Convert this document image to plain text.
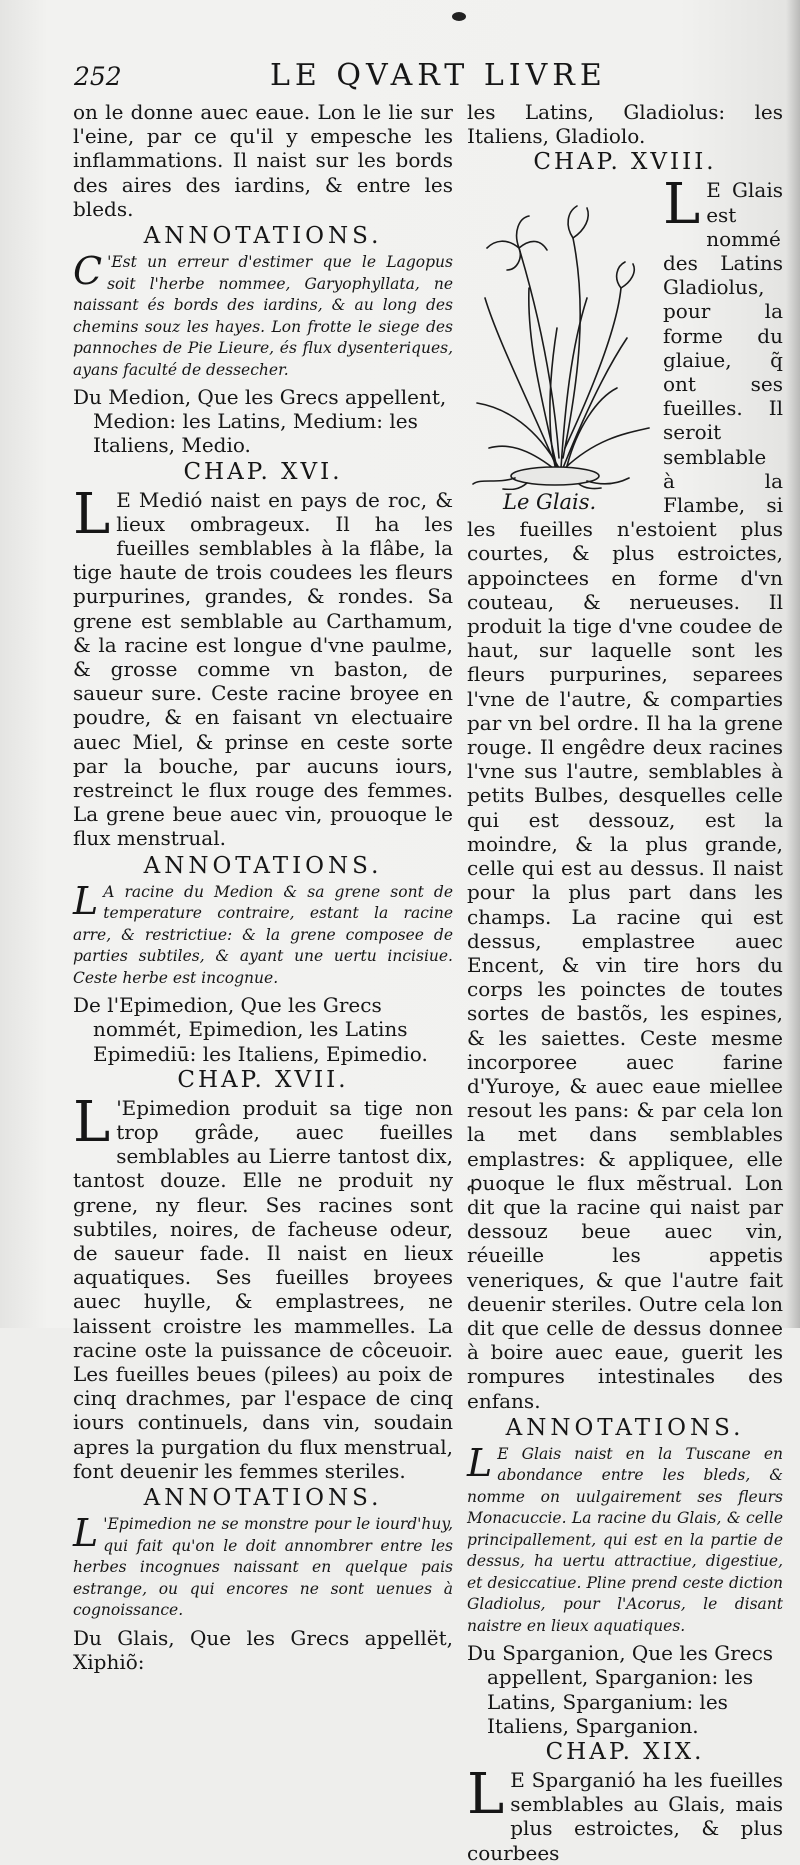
252	LE QVART LIVRE

on le donne auec eaue. Lon le lie sur l'eine, par ce qu'il y empesche les inflammations. Il naist sur les bords des aires des iardins, & entre les bleds.

ANNOTATIONS.
C 'Est un erreur d'estimer que le Lagopus soit l'herbe nommee, Garyophyllata, ne naissant és bords des iardins, & au long des chemins souz les hayes. Lon frotte le siege des pannoches de Pie Lieure, és flux dysenteriques, ayans faculté de dessecher.

Du Medion, Que les Grecs appellent, Medion: les Latins, Medium: les Italiens, Medio.

CHAP. XVI.
L E Medió naist en pays de roc, & lieux ombrageux. Il ha les fueilles semblables à la flâbe, la tige haute de trois coudees les fleurs purpurines, grandes, & rondes. Sa grene est semblable au Carthamum, & la racine est longue d'vne paulme, & grosse comme vn baston, de saueur sure. Ceste racine broyee en poudre, & en faisant vn electuaire auec Miel, & prinse en ceste sorte par la bouche, par aucuns iours, restreinct le flux rouge des femmes. La grene beue auec vin, prouoque le flux menstrual.
ANNOTATIONS.
L A racine du Medion & sa grene sont de temperature contraire, estant la racine arre, & restrictiue: & la grene composee de parties subtiles, & ayant une uertu incisiue. Ceste herbe est incognue.

De l'Epimedion, Que les Grecs nommét, Epimedion, les Latins Epimediū: les Italiens, Epimedio.

CHAP. XVII.
L 'Epimedion produit sa tige non trop grâde, auec fueilles semblables au Lierre tantost dix, tantost douze. Elle ne produit ny grene, ny fleur. Ses racines sont subtiles, noires, de facheuse odeur, de saueur fade. Il naist en lieux aquatiques. Ses fueilles broyees auec huylle, & emplastrees, ne laissent croistre les mammelles. La racine oste la puissance de côceuoir. Les fueilles beues (pilees) au poix de cinq drachmes, par l'espace de cinq iours continuels, dans vin, soudain apres la purgation du flux menstrual, font deuenir les femmes steriles.
ANNOTATIONS.
L 'Epimedion ne se monstre pour le iourd'huy, qui fait qu'on le doit annombrer entre les herbes incognues naissant en quelque pais estrange, ou qui encores ne sont uenues à cognoissance.

Du Glais, Que les Grecs appellët, Xiphiõ:

les Latins, Gladiolus: les Italiens, Gladiolo.

CHAP. XVIII.
Le Glais.
L E Glais est nommé des Latins Gladiolus, pour la forme du glaiue, q̃ ont ses fueilles. Il seroit semblable à la Flambe, si les fueilles n'estoient plus courtes, & plus estroictes, appoinctees en forme d'vn couteau, & nerueuses. Il produit la tige d'vne coudee de haut, sur laquelle sont les fleurs purpurines, separees l'vne de l'autre, & comparties par vn bel ordre. Il ha la grene rouge. Il engêdre deux racines l'vne sus l'autre, semblables à petits Bulbes, desquelles celle qui est dessouz, est la moindre, & la plus grande, celle qui est au dessus. Il naist pour la plus part dans les champs. La racine qui est dessus, emplastree auec Encent, & vin tire hors du corps les poinctes de toutes sortes de bastõs, les espines, & les saiettes. Ceste mesme incorporee auec farine d'Yuroye, & auec eaue miellee resout les pans: & par cela lon la met dans semblables emplastres: & appliquee, elle ꝓuoque le flux mẽstrual. Lon dit que la racine qui naist par dessouz beue auec vin, réueille les appetis veneriques, & que l'autre fait deuenir steriles. Outre cela lon dit que celle de dessus donnee à boire auec eaue, guerit les rompures intestinales des enfans.
ANNOTATIONS.
L E Glais naist en la Tuscane en abondance entre les bleds, & nomme on uulgairement ses fleurs Monacuccie. La racine du Glais, & celle principallement, qui est en la partie de dessus, ha uertu attractiue, digestiue, et desiccatiue. Pline prend ceste diction Gladiolus, pour l'Acorus, le disant naistre en lieux aquatiques.

Du Sparganion, Que les Grecs appellent, Sparganion: les Latins, Sparganium: les Italiens, Sparganion.

CHAP. XIX.
L E Sparganió ha les fueilles semblables au Glais, mais plus estroictes, & plus courbees
